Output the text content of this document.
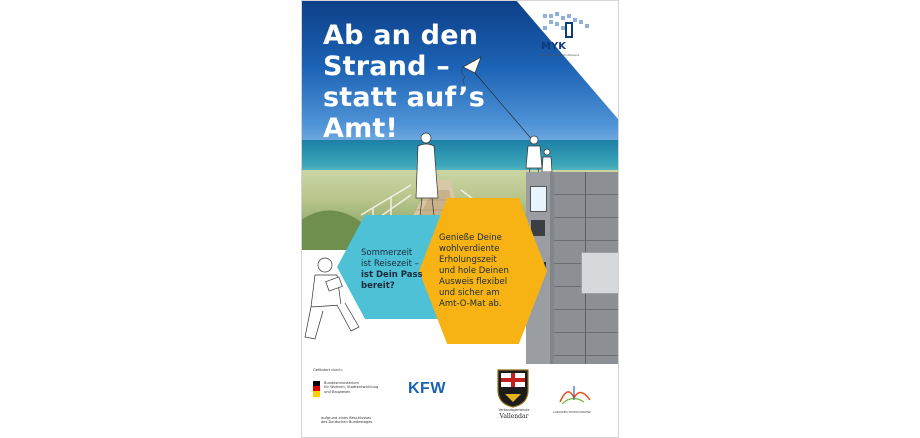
MYK
Landkreis Mayen-Koblenz
Ab an den
Strand –
statt auf’s
Amt!
Sommerzeit
ist Reisezeit –
ist Dein Pass
bereit?
Genieße Deine
wohlverdiente
Erholungszeit
und hole Deinen
Ausweis flexibel
und sicher am
Amt-O-Mat ab.
Gefördert durch:
Bundesministerium
für Wohnen, Stadtentwicklung
und Bauwesen
aufgrund eines Beschlusses
des Deutschen Bundestages
KFW
Verbandsgemeinde
Vallendar
LANDKREIS MAYEN-KOBLENZ
